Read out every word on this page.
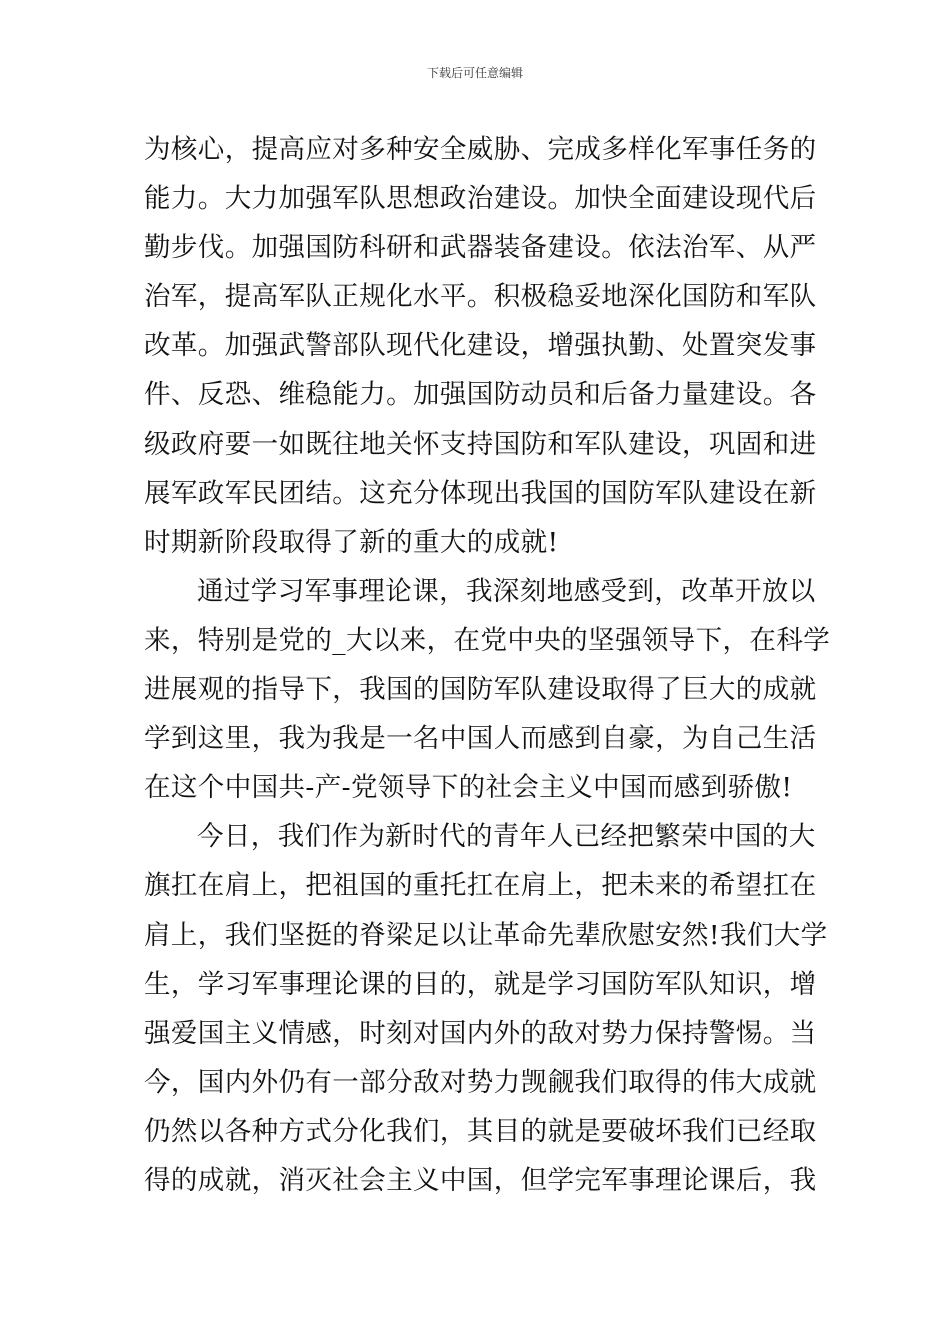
下载后可任意编辑
为核心，提高应对多种安全威胁、完成多样化军事任务的
能力。大力加强军队思想政治建设。加快全面建设现代后
勤步伐。加强国防科研和武器装备建设。依法治军、从严
治军，提高军队正规化水平。积极稳妥地深化国防和军队
改革。加强武警部队现代化建设，增强执勤、处置突发事
件、反恐、维稳能力。加强国防动员和后备力量建设。各
级政府要一如既往地关怀支持国防和军队建设，巩固和进
展军政军民团结。这充分体现出我国的国防军队建设在新
时期新阶段取得了新的重大的成就!
通过学习军事理论课，我深刻地感受到，改革开放以
来，特别是党的_大以来，在党中央的坚强领导下，在科学
进展观的指导下，我国的国防军队建设取得了巨大的成就
学到这里，我为我是一名中国人而感到自豪，为自己生活
在这个中国共-产-党领导下的社会主义中国而感到骄傲!
今日，我们作为新时代的青年人已经把繁荣中国的大
旗扛在肩上，把祖国的重托扛在肩上，把未来的希望扛在
肩上，我们坚挺的脊梁足以让革命先辈欣慰安然!我们大学
生，学习军事理论课的目的，就是学习国防军队知识，增
强爱国主义情感，时刻对国内外的敌对势力保持警惕。当
今，国内外仍有一部分敌对势力觊觎我们取得的伟大成就
仍然以各种方式分化我们，其目的就是要破坏我们已经取
得的成就，消灭社会主义中国，但学完军事理论课后，我
